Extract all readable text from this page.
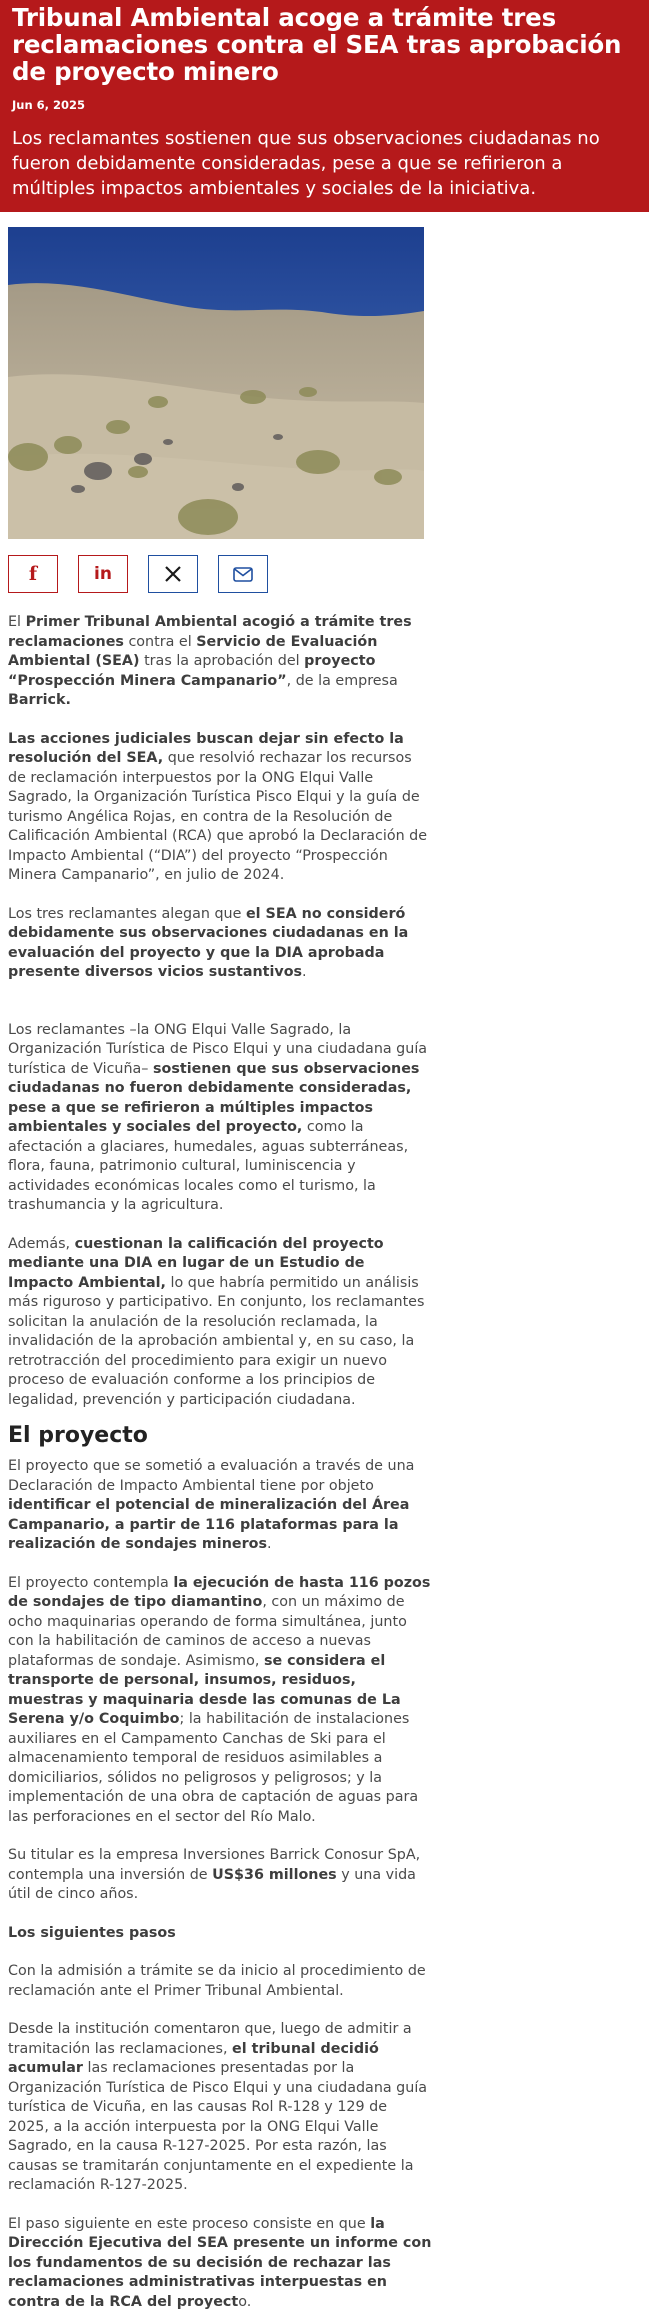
Tribunal Ambiental acoge a trámite tres reclamaciones contra el SEA tras aprobación de proyecto minero
Jun 6, 2025
Los reclamantes sostienen que sus observaciones ciudadanas no fueron debidamente consideradas, pese a que se refirieron a múltiples impactos ambientales y sociales de la iniciativa.
f	in

El Primer Tribunal Ambiental acogió a trámite tres reclamaciones contra el Servicio de Evaluación Ambiental (SEA) tras la aprobación del proyecto “Prospección Minera Campanario”, de la empresa Barrick.

Las acciones judiciales buscan dejar sin efecto la resolución del SEA, que resolvió rechazar los recursos de reclamación interpuestos por la ONG Elqui Valle Sagrado, la Organización Turística Pisco Elqui y la guía de turismo Angélica Rojas, en contra de la Resolución de Calificación Ambiental (RCA) que aprobó la Declaración de Impacto Ambiental (“DIA”) del proyecto “Prospección Minera Campanario”, en julio de 2024.

Los tres reclamantes alegan que el SEA no consideró debidamente sus observaciones ciudadanas en la evaluación del proyecto y que la DIA aprobada presente diversos vicios sustantivos.

Los reclamantes –la ONG Elqui Valle Sagrado, la Organización Turística de Pisco Elqui y una ciudadana guía turística de Vicuña– sostienen que sus observaciones ciudadanas no fueron debidamente consideradas, pese a que se refirieron a múltiples impactos ambientales y sociales del proyecto, como la afectación a glaciares, humedales, aguas subterráneas, flora, fauna, patrimonio cultural, luminiscencia y actividades económicas locales como el turismo, la trashumancia y la agricultura.

Además, cuestionan la calificación del proyecto mediante una DIA en lugar de un Estudio de Impacto Ambiental, lo que habría permitido un análisis más riguroso y participativo. En conjunto, los reclamantes solicitan la anulación de la resolución reclamada, la invalidación de la aprobación ambiental y, en su caso, la retrotracción del procedimiento para exigir un nuevo proceso de evaluación conforme a los principios de legalidad, prevención y participación ciudadana.

El proyecto

El proyecto que se sometió a evaluación a través de una Declaración de Impacto Ambiental tiene por objeto identificar el potencial de mineralización del Área Campanario, a partir de 116 plataformas para la realización de sondajes mineros.

El proyecto contempla la ejecución de hasta 116 pozos de sondajes de tipo diamantino, con un máximo de ocho maquinarias operando de forma simultánea, junto con la habilitación de caminos de acceso a nuevas plataformas de sondaje. Asimismo, se considera el transporte de personal, insumos, residuos, muestras y maquinaria desde las comunas de La Serena y/o Coquimbo; la habilitación de instalaciones auxiliares en el Campamento Canchas de Ski para el almacenamiento temporal de residuos asimilables a domiciliarios, sólidos no peligrosos y peligrosos; y la implementación de una obra de captación de aguas para las perforaciones en el sector del Río Malo.

Su titular es la empresa Inversiones Barrick Conosur SpA, contempla una inversión de US$36 millones y una vida útil de cinco años.

Los siguientes pasos

Con la admisión a trámite se da inicio al procedimiento de reclamación ante el Primer Tribunal Ambiental.

Desde la institución comentaron que, luego de admitir a tramitación las reclamaciones, el tribunal decidió acumular las reclamaciones presentadas por la Organización Turística de Pisco Elqui y una ciudadana guía turística de Vicuña, en las causas Rol R-128 y 129 de 2025, a la acción interpuesta por la ONG Elqui Valle Sagrado, en la causa R-127-2025. Por esta razón, las causas se tramitarán conjuntamente en el expediente la reclamación R-127-2025.

El paso siguiente en este proceso consiste en que la Dirección Ejecutiva del SEA presente un informe con los fundamentos de su decisión de rechazar las reclamaciones administrativas interpuestas en contra de la RCA del proyecto.
